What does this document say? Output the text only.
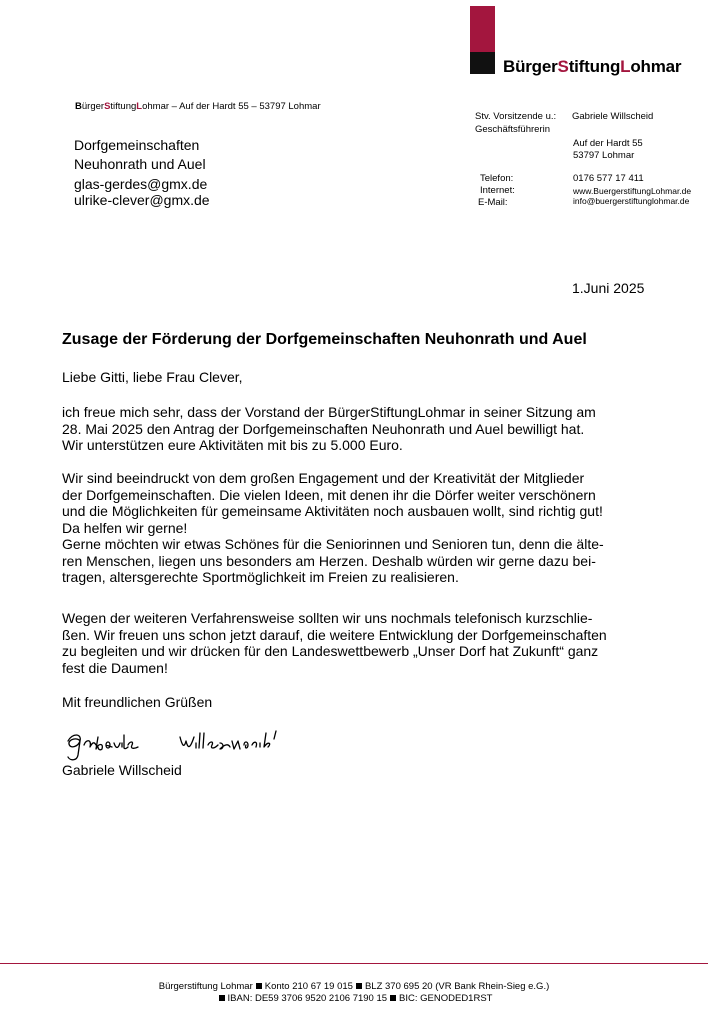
BürgerStiftungLohmar
BürgerStiftungLohmar – Auf der Hardt 55 – 53797 Lohmar
Dorfgemeinschaften
Neuhonrath und Auel
glas-gerdes@gmx.de
ulrike-clever@gmx.de
Stv. Vorsitzende u.: Gabriele Willscheid
Geschäftsführerin
Auf der Hardt 55
53797 Lohmar
Telefon:	0176 577 17 411
Internet:	www.BuergerstiftungLohmar.de
E-Mail:	info@buergerstiftunglohmar.de
1.Juni 2025
Zusage der Förderung der Dorfgemeinschaften Neuhonrath und Auel

Liebe Gitti, liebe Frau Clever,

ich freue mich sehr, dass der Vorstand der BürgerStiftungLohmar in seiner Sitzung am

28. Mai 2025 den Antrag der Dorfgemeinschaften Neuhonrath und Auel bewilligt hat.

Wir unterstützen eure Aktivitäten mit bis zu 5.000 Euro.

Wir sind beeindruckt von dem großen Engagement und der Kreativität der Mitglieder

der Dorfgemeinschaften. Die vielen Ideen, mit denen ihr die Dörfer weiter verschönern

und die Möglichkeiten für gemeinsame Aktivitäten noch ausbauen wollt, sind richtig gut!

Da helfen wir gerne!

Gerne möchten wir etwas Schönes für die Seniorinnen und Senioren tun, denn die älte-

ren Menschen, liegen uns besonders am Herzen. Deshalb würden wir gerne dazu bei-

tragen, altersgerechte Sportmöglichkeit im Freien zu realisieren.

Wegen der weiteren Verfahrensweise sollten wir uns nochmals telefonisch kurzschlie-

ßen. Wir freuen uns schon jetzt darauf, die weitere Entwicklung der Dorfgemeinschaften

zu begleiten und wir drücken für den Landeswettbewerb „Unser Dorf hat Zukunft“ ganz

fest die Daumen!

Mit freundlichen Grüßen

Gabriele Willscheid

Bürgerstiftung Lohmar Konto 210 67 19 015 BLZ 370 695 20 (VR Bank Rhein-Sieg e.G.)
IBAN: DE59 3706 9520 2106 7190 15 BIC: GENODED1RST
